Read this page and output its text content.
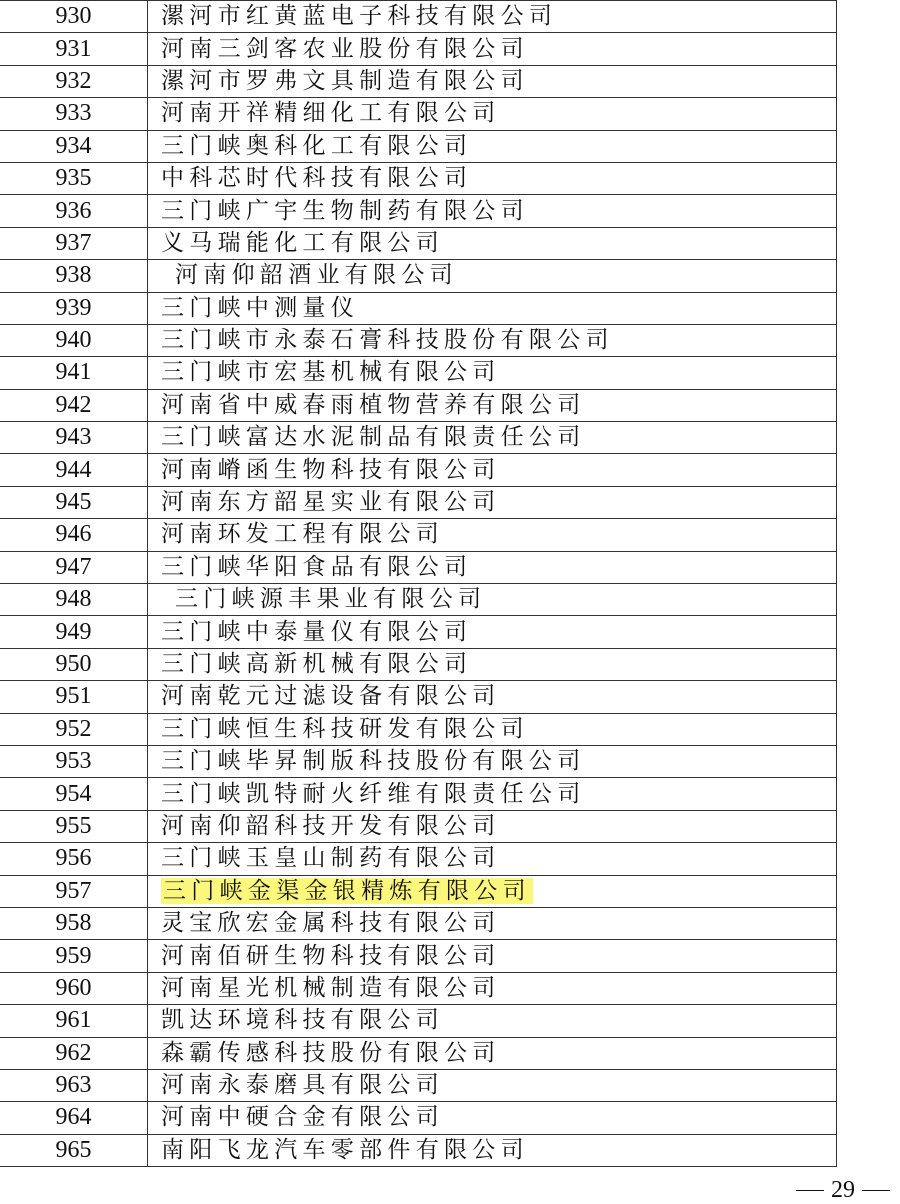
930	漯河市红黄蓝电子科技有限公司
931	河南三剑客农业股份有限公司
932	漯河市罗弗文具制造有限公司
933	河南开祥精细化工有限公司
934	三门峡奥科化工有限公司
935	中科芯时代科技有限公司
936	三门峡广宇生物制药有限公司
937	义马瑞能化工有限公司
938	河南仰韶酒业有限公司
939	三门峡中测量仪
940	三门峡市永泰石膏科技股份有限公司
941	三门峡市宏基机械有限公司
942	河南省中威春雨植物营养有限公司
943	三门峡富达水泥制品有限责任公司
944	河南嵴函生物科技有限公司
945	河南东方韶星实业有限公司
946	河南环发工程有限公司
947	三门峡华阳食品有限公司
948	三门峡源丰果业有限公司
949	三门峡中泰量仪有限公司
950	三门峡高新机械有限公司
951	河南乾元过滤设备有限公司
952	三门峡恒生科技研发有限公司
953	三门峡毕昇制版科技股份有限公司
954	三门峡凯特耐火纤维有限责任公司
955	河南仰韶科技开发有限公司
956	三门峡玉皇山制药有限公司
957	三门峡金渠金银精炼有限公司
958	灵宝欣宏金属科技有限公司
959	河南佰研生物科技有限公司
960	河南星光机械制造有限公司
961	凯达环境科技有限公司
962	森霸传感科技股份有限公司
963	河南永泰磨具有限公司
964	河南中硬合金有限公司
965	南阳飞龙汽车零部件有限公司
29
